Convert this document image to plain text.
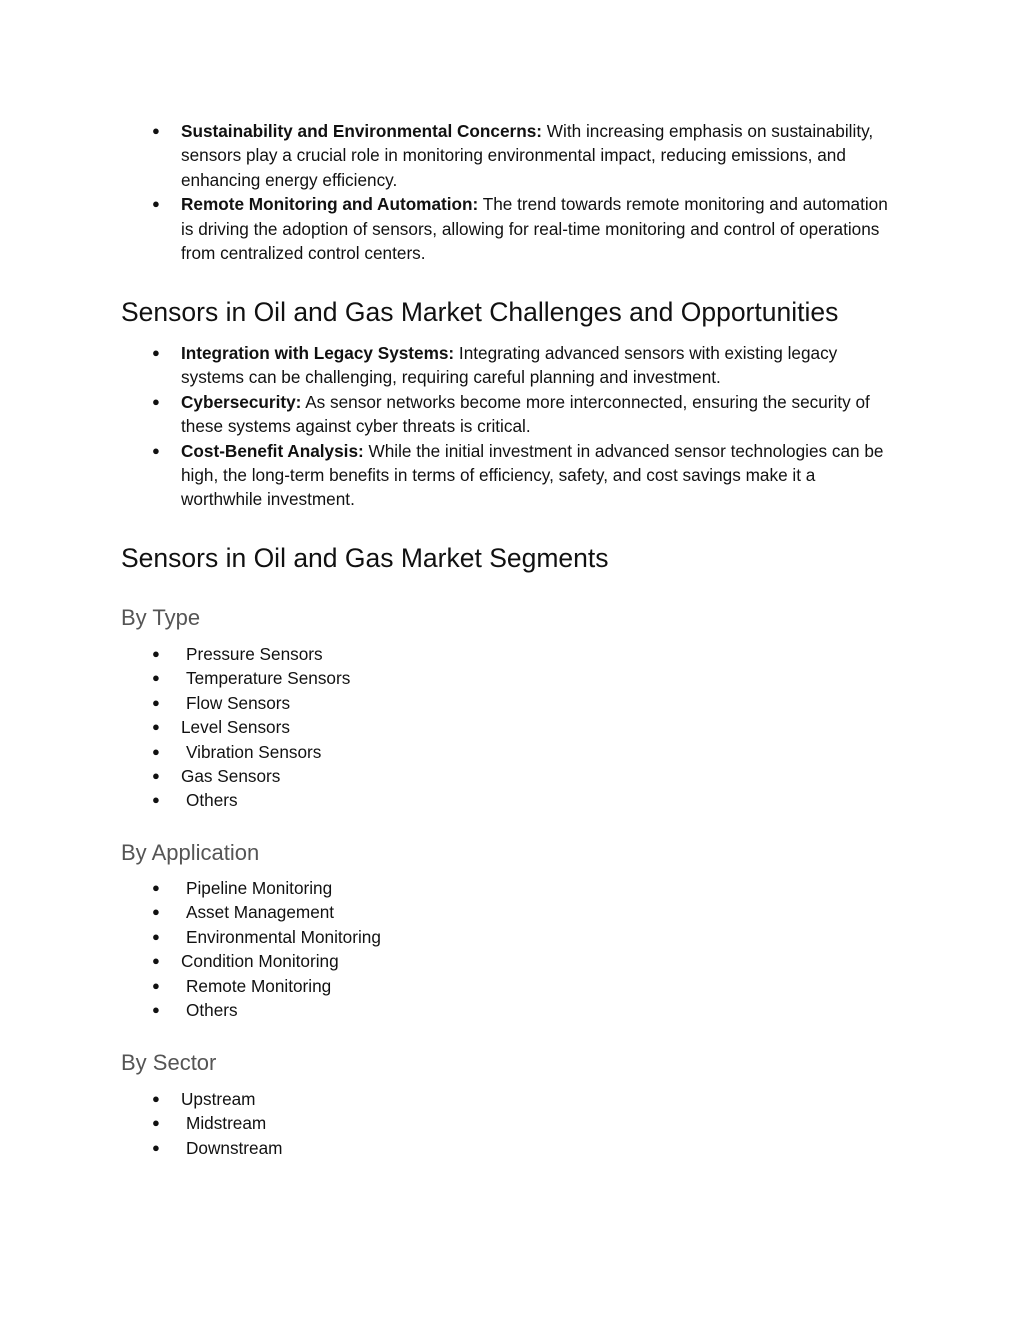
● Sustainability and Environmental Concerns: With increasing emphasis on sustainability, sensors play a crucial role in monitoring environmental impact, reducing emissions, and enhancing energy efficiency.
● Remote Monitoring and Automation: The trend towards remote monitoring and automation is driving the adoption of sensors, allowing for real-time monitoring and control of operations from centralized control centers.
Sensors in Oil and Gas Market Challenges and Opportunities
● Integration with Legacy Systems: Integrating advanced sensors with existing legacy systems can be challenging, requiring careful planning and investment.
● Cybersecurity: As sensor networks become more interconnected, ensuring the security of these systems against cyber threats is critical.
● Cost-Benefit Analysis: While the initial investment in advanced sensor technologies can be high, the long-term benefits in terms of efficiency, safety, and cost savings make it a worthwhile investment.
Sensors in Oil and Gas Market Segments
By Type
● Pressure Sensors
● Temperature Sensors
● Flow Sensors
● Level Sensors
● Vibration Sensors
● Gas Sensors
● Others
By Application
● Pipeline Monitoring
● Asset Management
● Environmental Monitoring
● Condition Monitoring
● Remote Monitoring
● Others
By Sector
● Upstream
● Midstream
● Downstream
